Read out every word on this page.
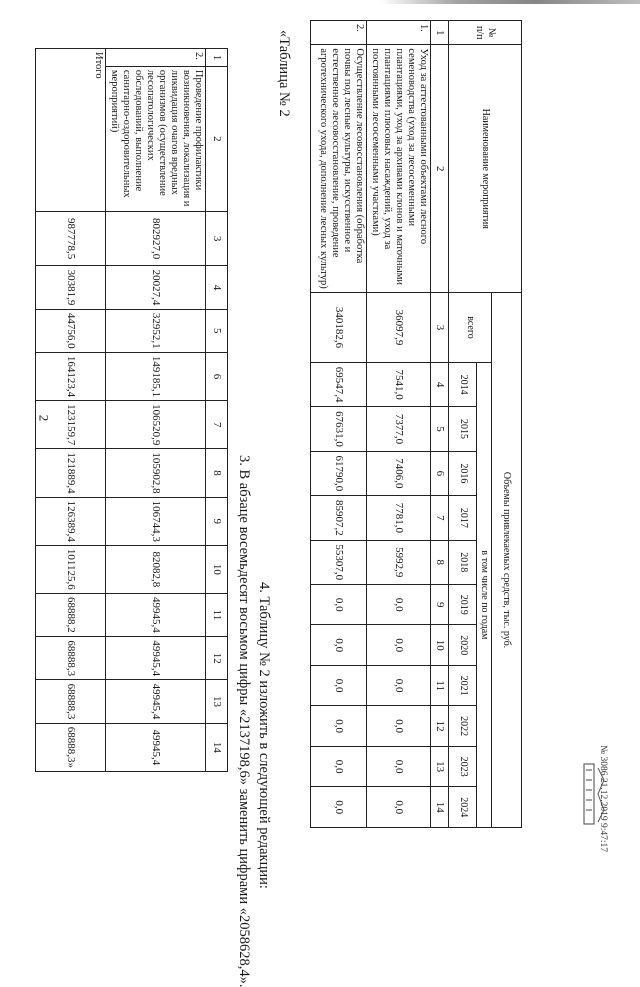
2
1	2	3	4	5	6	7	8	9	10	11	12	13	14
2.	Проведение профилактики возникновения, локализация и ликвидация очагов вредных организмов (осуществление лесопатологических обследований, выполнение санитарно-оздоровительных мероприятий)	802927,0	20027,4	32952,1	149185,1	106520,9	105902,8	106744,3	82082,8	49945,4	49945,4	49945,4	49945,4
Итого		987778,5	30381,9	44756,0	164123,4	123159,7	121889,4	126389,4	101125,6	68888,2	68888,3	68888,3	68888,3»	3. В абзаце восемьдесят восьмом цифры «2137198,6» заменить цифрами «2058628,4». 4. Таблицу № 2 изложить в следующей редакции:
«Таблица № 2	№ п/п	Наименование мероприятия	Объемы привлекаемых средств, тыс. руб.											
		всего	в том числе по годам										
			2014	2015	2016	2017	2018	2019	2020	2021	2022	2023	2024
1	2	3	4	5	6	7	8	9	10	11	12	13	14
1.	Уход за аттестованными объектами лесного семеноводства (уход за лесосеменными плантациями, уход за архивами клонов и маточными плантациями плюсовых насаждений, уход за постоянными лесосеменными участками)	36097,9	7541,0	7377,0	7406,0	7781,0	5992,9	0,0	0,0	0,0	0,0	0,0	0,0
2.	Осуществление лесовосстановления (обработка почвы под лесные культуры, искусственное и естественное лесовосстановление, проведение агротехнического ухода, дополнение лесных культур)	340182,6	69547,4	67631,0	61790,0	85907,2	55307,0	0,0	0,0	0,0	0,0	0,0	0,0	№ 3086 21.12.2019 9:47:17
